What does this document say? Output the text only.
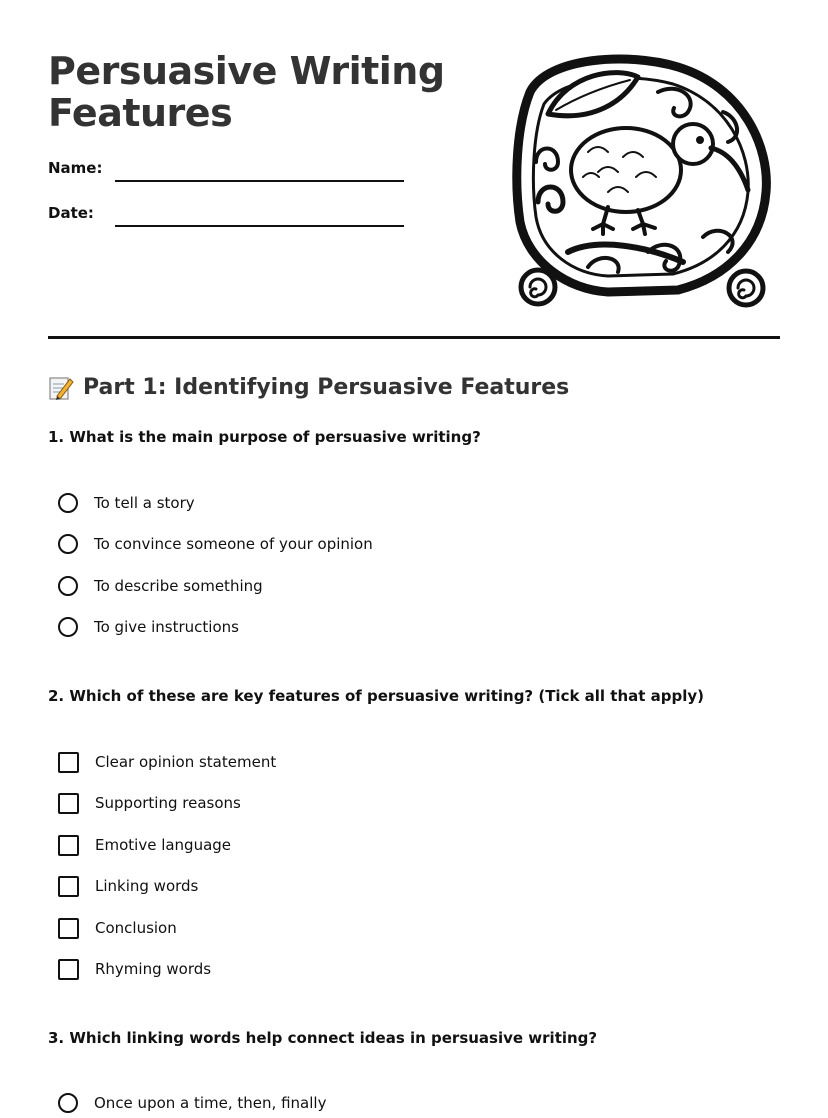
Persuasive Writing
Features
Name:
Date:
Part 1: Identifying Persuasive Features

1. What is the main purpose of persuasive writing?

To tell a story
To convince someone of your opinion
To describe something
To give instructions

2. Which of these are key features of persuasive writing? (Tick all that apply)

Clear opinion statement
Supporting reasons
Emotive language
Linking words
Conclusion
Rhyming words

3. Which linking words help connect ideas in persuasive writing?

Once upon a time, then, finally
